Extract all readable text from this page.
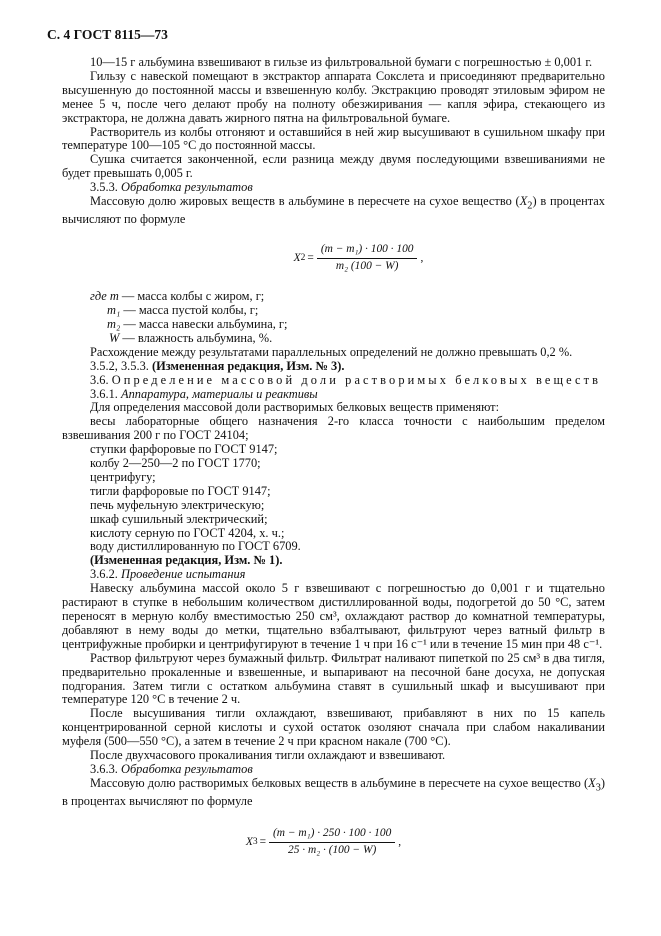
С. 4 ГОСТ 8115—73

10—15 г альбумина взвешивают в гильзе из фильтровальной бумаги с погрешностью ± 0,001 г.

Гильзу с навеской помещают в экстрактор аппарата Сокслета и присоединяют предварительно высушенную до постоянной массы и взвешенную колбу. Экстракцию проводят этиловым эфиром не менее 5 ч, после чего делают пробу на полноту обезжиривания — капля эфира, стекающего из экстрактора, не должна давать жирного пятна на фильтровальной бумаге.

Растворитель из колбы отгоняют и оставшийся в ней жир высушивают в сушильном шкафу при температуре 100—105 °С до постоянной массы.

Сушка считается законченной, если разница между двумя последующими взвешиваниями не будет превышать 0,005 г.

3.5.3. Обработка результатов

Массовую долю жировых веществ в альбумине в пересчете на сухое вещество $(X_2)$ в процентах вычисляют по формуле

X $2 = \frac{\text{(m − m₁) · 100 · 100}}{\text{m₂ (100 − W)}}$ ,
где m — масса колбы с жиром, г;
m₁ — масса пустой колбы, г;
m₂ — масса навески альбумина, г;
W — влажность альбумина, %.

Расхождение между результатами параллельных определений не должно превышать 0,2 %.

3.5.2, 3.5.3. (Измененная редакция, Изм. № 3).

3.6. Определение массовой доли растворимых белковых веществ

3.6.1. Аппаратура, материалы и реактивы

Для определения массовой доли растворимых белковых веществ применяют:

весы лабораторные общего назначения 2-го класса точности с наибольшим пределом взвешивания 200 г по ГОСТ 24104;

ступки фарфоровые по ГОСТ 9147;

колбу 2—250—2 по ГОСТ 1770;

центрифугу;

тигли фарфоровые по ГОСТ 9147;

печь муфельную электрическую;

шкаф сушильный электрический;

кислоту серную по ГОСТ 4204, х. ч.;

воду дистиллированную по ГОСТ 6709.

(Измененная редакция, Изм. № 1).

3.6.2. Проведение испытания

Навеску альбумина массой около 5 г взвешивают с погрешностью до 0,001 г и тщательно растирают в ступке в небольшим количеством дистиллированной воды, подогретой до 50 °С, затем переносят в мерную колбу вместимостью 250 см³, охлаждают раствор до комнатной температуры, добавляют в нему воды до метки, тщательно взбалтывают, фильтруют через ватный фильтр в центрифужные пробирки и центрифугируют в течение 1 ч при 16 с⁻¹ или в течение 15 мин при 48 с⁻¹.

Раствор фильтруют через бумажный фильтр. Фильтрат наливают пипеткой по 25 см³ в два тигля, предварительно прокаленные и взвешенные, и выпаривают на песочной бане досуха, не допуская подгорания. Затем тигли с остатком альбумина ставят в сушильный шкаф и высушивают при температуре 120 °С в течение 2 ч.

После высушивания тигли охлаждают, взвешивают, прибавляют в них по 15 капель концентрированной серной кислоты и сухой остаток озоляют сначала при слабом накаливании муфеля (500—550 °С), а затем в течение 2 ч при красном накале (700 °С).

После двухчасового прокаливания тигли охлаждают и взвешивают.

3.6.3. Обработка результатов

Массовую долю растворимых белковых веществ в альбумине в пересчете на сухое вещество $(X_3)$ в процентах вычисляют по формуле

X $3 = \frac{\text{(m − m₁) · 250 · 100 · 100}}{\text{25 · m₂ · (100 − W)}}$ ,
